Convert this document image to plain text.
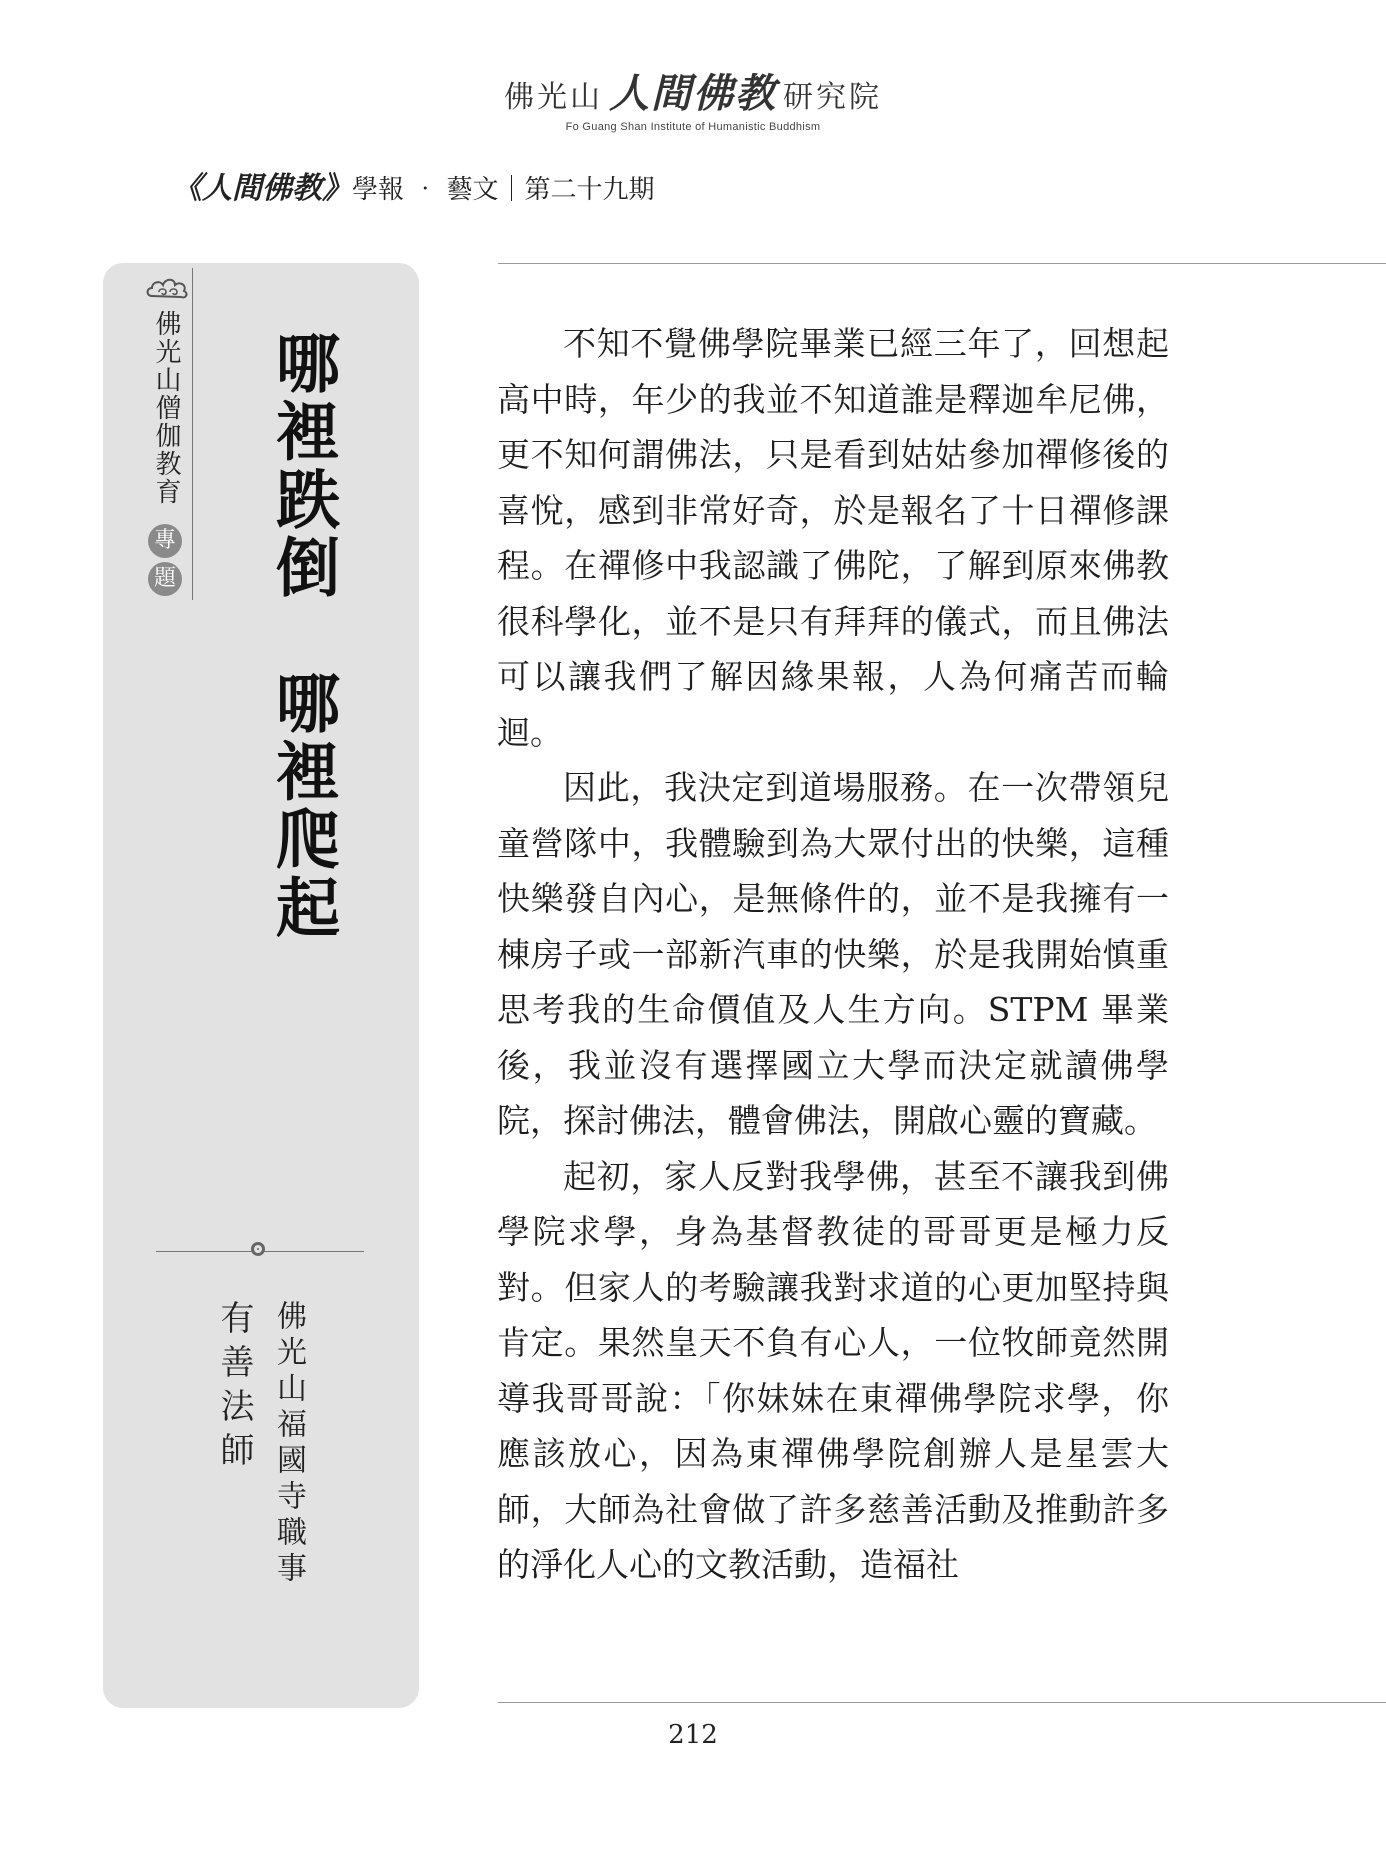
佛光山 人間佛教 研究院
Fo Guang Shan Institute of Humanistic Buddhism
《人間佛教》學報 ‧ 藝文｜第二十九期
佛光山僧伽教育
專
題 哪裡跌倒　哪裡爬起
佛光山福國寺職事
有善法師

不知不覺佛學院畢業已經三年了，回想起高中時，年少的我並不知道誰是釋迦牟尼佛，更不知何謂佛法，只是看到姑姑參加禪修後的喜悅，感到非常好奇，於是報名了十日禪修課程。在禪修中我認識了佛陀，了解到原來佛教很科學化，並不是只有拜拜的儀式，而且佛法可以讓我們了解因緣果報，人為何痛苦而輪迴。

因此，我決定到道場服務。在一次帶領兒童營隊中，我體驗到為大眾付出的快樂，這種快樂發自內心，是無條件的，並不是我擁有一棟房子或一部新汽車的快樂，於是我開始慎重思考我的生命價值及人生方向。STPM 畢業後，我並沒有選擇國立大學而決定就讀佛學院，探討佛法，體會佛法，開啟心靈的寶藏。

起初，家人反對我學佛，甚至不讓我到佛學院求學，身為基督教徒的哥哥更是極力反對。但家人的考驗讓我對求道的心更加堅持與肯定。果然皇天不負有心人，一位牧師竟然開導我哥哥說：「你妹妹在東禪佛學院求學，你應該放心，因為東禪佛學院創辦人是星雲大師，大師為社會做了許多慈善活動及推動許多的淨化人心的文教活動，造福社

212
